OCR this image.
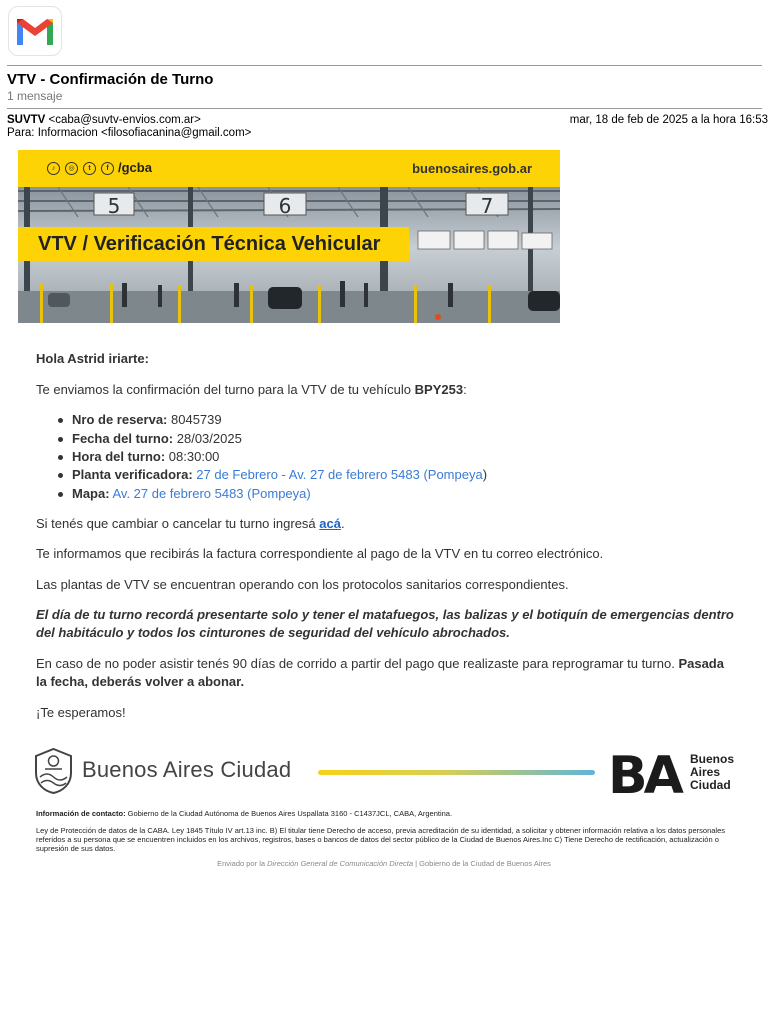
VTV - Confirmación de Turno
1 mensaje
SUVTV <caba@suvtv-envios.com.ar>	mar, 18 de feb de 2025 a la hora 16:53
Para: Informacion <filosofiacanina@gmail.com>
♪	◎	t	f /gcba	buenosaires.gob.ar
5	6	7
VTV / Verificación Técnica Vehicular
Hola Astrid iriarte:
Te enviamos la confirmación del turno para la VTV de tu vehículo BPY253:
Nro de reserva: 8045739
Fecha del turno: 28/03/2025
Hora del turno: 08:30:00
Planta verificadora: 27 de Febrero - Av. 27 de febrero 5483 (Pompeya)
Mapa: Av. 27 de febrero 5483 (Pompeya)
Si tenés que cambiar o cancelar tu turno ingresá acá.
Te informamos que recibirás la factura correspondiente al pago de la VTV en tu correo electrónico.
Las plantas de VTV se encuentran operando con los protocolos sanitarios correspondientes.
El día de tu turno recordá presentarte solo y tener el matafuegos, las balizas y el botiquín de emergencias dentro del habitáculo y todos los cinturones de seguridad del vehículo abrochados.
En caso de no poder asistir tenés 90 días de corrido a partir del pago que realizaste para reprogramar tu turno. Pasada la fecha, deberás volver a abonar.
¡Te esperamos!
Buenos Aires Ciudad	BA Buenos
Aires
Ciudad
Información de contacto: Gobierno de la Ciudad Autónoma de Buenos Aires Uspallata 3160 - C1437JCL, CABA, Argentina.
Ley de Protección de datos de la CABA. Ley 1845 Título IV art.13 inc. B) El titular tiene Derecho de acceso, previa acreditación de su identidad, a solicitar y obtener información relativa a los datos personales referidos a su persona que se encuentren incluidos en los archivos, registros, bases o bancos de datos del sector público de la Ciudad de Buenos Aires.Inc C) Tiene Derecho de rectificación, actualización o supresión de sus datos.
Enviado por la Dirección General de Comunicación Directa | Gobierno de la Ciudad de Buenos Aires
